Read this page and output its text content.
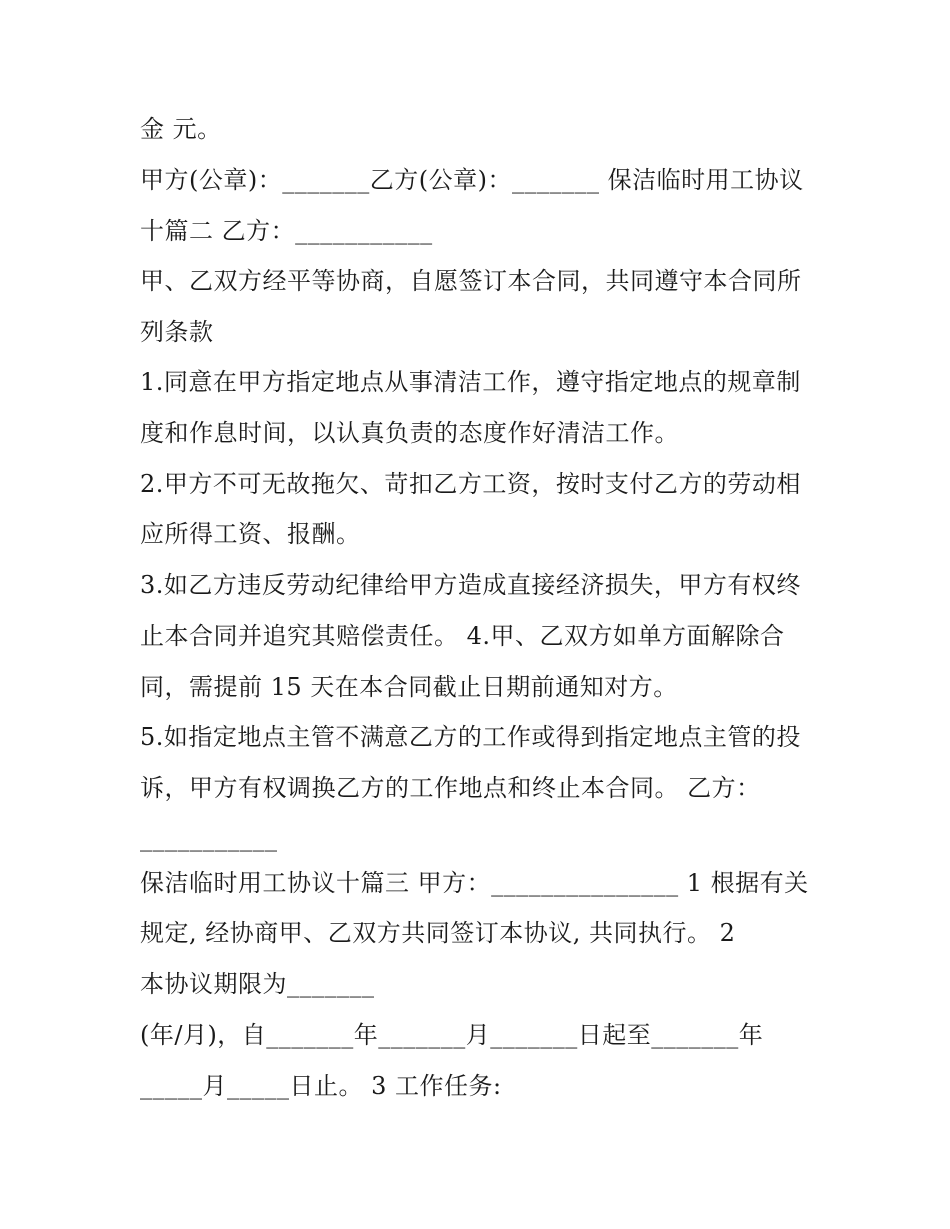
金 元。
甲方(公章)：_______乙方(公章)：_______ 保洁临时用工协议
十篇二 乙方：___________
甲、乙双方经平等协商，自愿签订本合同，共同遵守本合同所
列条款
1.同意在甲方指定地点从事清洁工作，遵守指定地点的规章制
度和作息时间，以认真负责的态度作好清洁工作。
2.甲方不可无故拖欠、苛扣乙方工资，按时支付乙方的劳动相
应所得工资、报酬。
3.如乙方违反劳动纪律给甲方造成直接经济损失，甲方有权终
止本合同并追究其赔偿责任。 4.甲、乙双方如单方面解除合
同，需提前 15 天在本合同截止日期前通知对方。
5.如指定地点主管不满意乙方的工作或得到指定地点主管的投
诉，甲方有权调换乙方的工作地点和终止本合同。 乙方：
___________
保洁临时用工协议十篇三 甲方：_______________ 1 根据有关
规定, 经协商甲、乙双方共同签订本协议, 共同执行。 2
本协议期限为_______
(年/月)，自_______年_______月_______日起至_______年
_____月_____日止。 3 工作任务:
